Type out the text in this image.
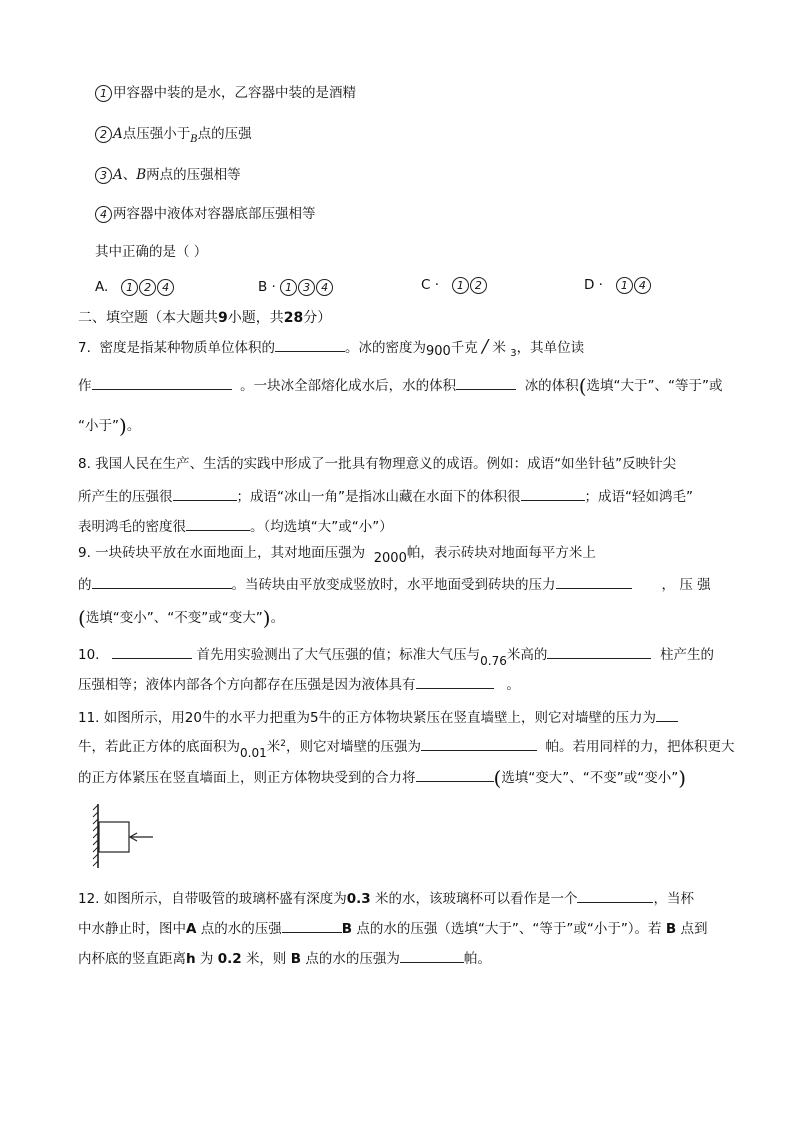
1 甲容器中装的是水，乙容器中装的是酒精
2 A点压强小于$_B$点的压强
3 A、B两点的压强相等
4 两容器中液体对容器底部压强相等
其中正确的是（ ）
A. 1 2 4	B · 1 3 4	C · 1 2	D · 1 4
二、填空题（本大题共9小题，共28分）
7. 密度是指某种物质单位体积的	。冰的密度为900千克 / 米 $_3$，其单位读
作	。一块冰全部熔化成水后，水的体积	冰的体积(选填“大于”、“等于”或
“小于”)。
8. 我国人民在生产、生活的实践中形成了一批具有物理意义的成语。例如：成语“如坐针毡”反映针尖
所产生的压强很	；成语“冰山一角”是指冰山藏在水面下的体积很	；成语“轻如鸿毛”
表明鸿毛的密度很	。（均选填“大”或“小”）
9. 一块砖块平放在水面地面上，其对地面压强为 2000帕，表示砖块对地面每平方米上
的	。当砖块由平放变成竖放时，水平地面受到砖块的压力	， 压 强
(选填“变小”、“不变”或“变大”)。
10.	首先用实验测出了大气压强的值；标准大气压与0.76米高的	柱产生的
压强相等；液体内部各个方向都存在压强是因为液体具有	。
11. 如图所示，用20牛的水平力把重为5牛的正方体物块紧压在竖直墙壁上，则它对墙壁的压力为
牛，若此正方体的底面积为0.01米$^2$，则它对墙壁的压强为	帕。若用同样的力，把体积更大
的正方体紧压在竖直墙面上，则正方体物块受到的合力将	(选填“变大”、“不变”或“变小”)
12. 如图所示，自带吸管的玻璃杯盛有深度为0.3 米的水，该玻璃杯可以看作是一个	，当杯
中水静止时，图中A 点的水的压强	B 点的水的压强（选填“大于”、“等于”或“小于”）。若 B 点到
内杯底的竖直距离h 为 0.2 米，则 B 点的水的压强为	帕。
